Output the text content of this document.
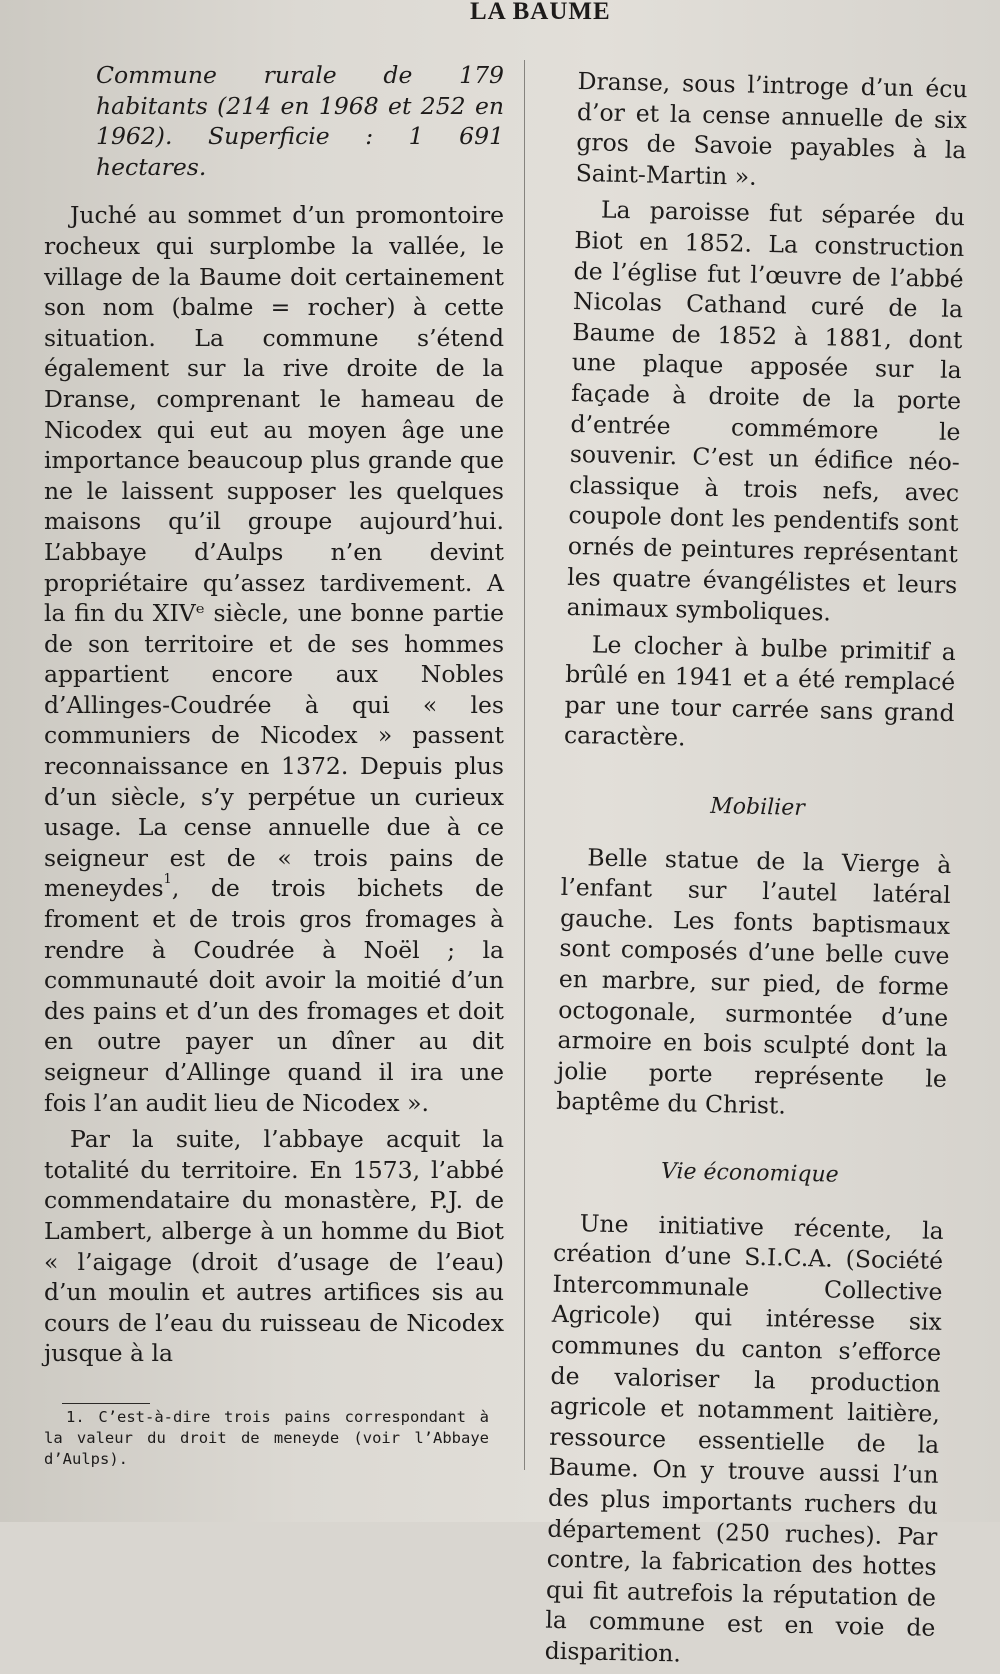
LA BAUME

Commune rurale de 179 habitants (214 en 1968 et 252 en 1962). Superficie : 1 691 hectares.

Juché au sommet d’un promontoire rocheux qui surplombe la vallée, le village de la Baume doit certainement son nom (balme = rocher) à cette situation. La commune s’étend également sur la rive droite de la Dranse, comprenant le hameau de Nicodex qui eut au moyen âge une importance beaucoup plus grande que ne le laissent supposer les quelques maisons qu’il groupe aujourd’hui. L’abbaye d’Aulps n’en devint propriétaire qu’assez tardivement. A la fin du XIVᵉ siècle, une bonne partie de son territoire et de ses hommes appartient encore aux Nobles d’Allinges-Coudrée à qui « les communiers de Nicodex » passent reconnaissance en 1372. Depuis plus d’un siècle, s’y perpétue un curieux usage. La cense annuelle due à ce seigneur est de « trois pains de meneydes$^1$, de trois bichets de froment et de trois gros fromages à rendre à Coudrée à Noël ; la communauté doit avoir la moitié d’un des pains et d’un des fromages et doit en outre payer un dîner au dit seigneur d’Allinge quand il ira une fois l’an audit lieu de Nicodex ».

Par la suite, l’abbaye acquit la totalité du territoire. En 1573, l’abbé commendataire du monastère, P.J. de Lambert, alberge à un homme du Biot « l’aigage (droit d’usage de l’eau) d’un moulin et autres artifices sis au cours de l’eau du ruisseau de Nicodex jusque à la

Dranse, sous l’introge d’un écu d’or et la cense annuelle de six gros de Savoie payables à la Saint-Martin ».

La paroisse fut séparée du Biot en 1852. La construction de l’église fut l’œuvre de l’abbé Nicolas Cathand curé de la Baume de 1852 à 1881, dont une plaque apposée sur la façade à droite de la porte d’entrée commémore le souvenir. C’est un édifice néo-classique à trois nefs, avec coupole dont les pendentifs sont ornés de peintures représentant les quatre évangélistes et leurs animaux symboliques.

Le clocher à bulbe primitif a brûlé en 1941 et a été remplacé par une tour carrée sans grand caractère.

Mobilier

Belle statue de la Vierge à l’enfant sur l’autel latéral gauche. Les fonts baptismaux sont composés d’une belle cuve en marbre, sur pied, de forme octogonale, surmontée d’une armoire en bois sculpté dont la jolie porte représente le baptême du Christ.

Vie économique

Une initiative récente, la création d’une S.I.C.A. (Société Intercommunale Collective Agricole) qui intéresse six communes du canton s’efforce de valoriser la production agricole et notamment laitière, ressource essentielle de la Baume. On y trouve aussi l’un des plus importants ruchers du département (250 ruches). Par contre, la fabrication des hottes qui fit autrefois la réputation de la commune est en voie de disparition.

1. C’est-à-dire trois pains correspondant à la valeur du droit de meneyde (voir l’Abbaye d’Aulps).
